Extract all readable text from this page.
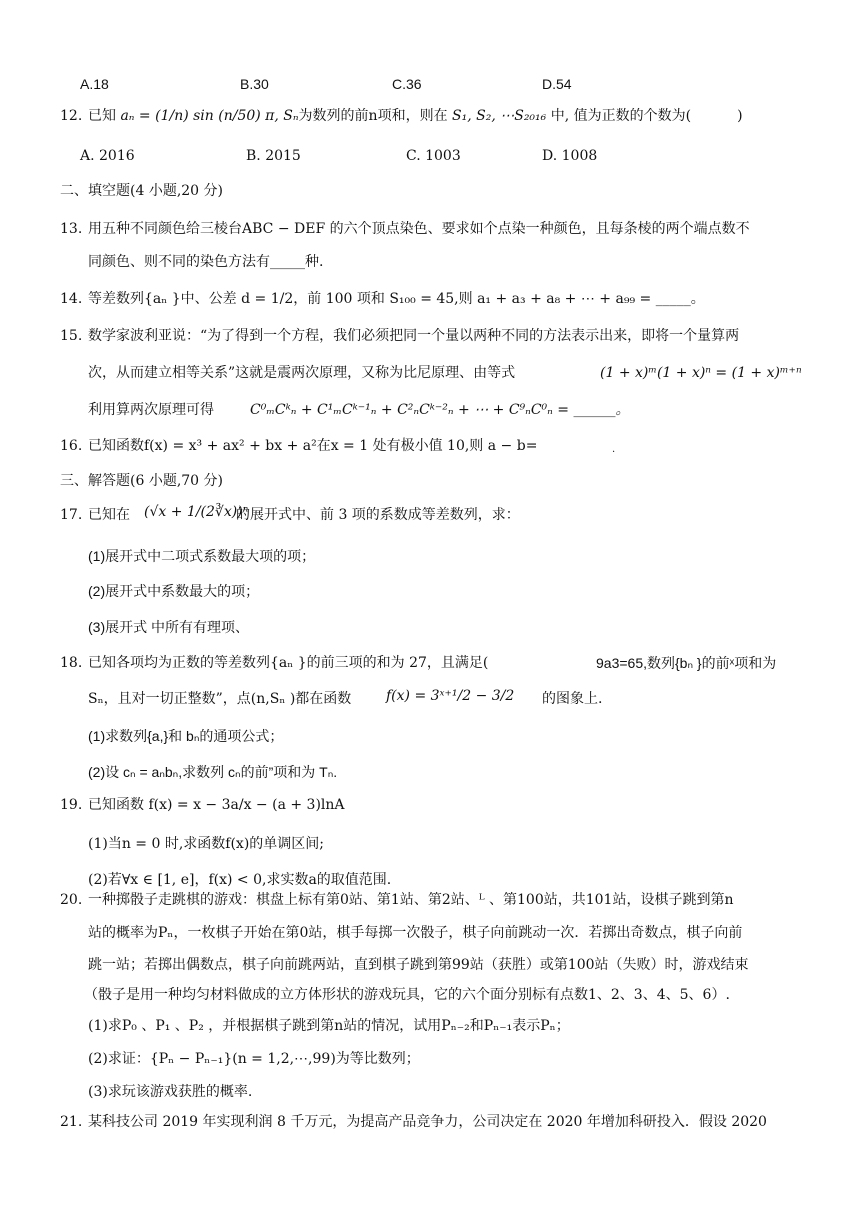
A.18	B.30	C.36	D.54
12. 已知 aₙ = (1/n) sin (n/50) π, Sₙ为数列的前n项和，则在 S₁, S₂, ⋯S₂₀₁₆ 中, 值为正数的个数为(	)
A. 2016	B. 2015	C. 1003	D. 1008
二、填空题(4 小题,20 分)
13. 用五种不同颜色给三棱台ABC − DEF 的六个顶点染色、要求如个点染一种颜色，且每条棱的两个端点数不
同颜色、则不同的染色方法有_____种.
14. 等差数列{aₙ }中、公差 d = 1/2，前 100 项和 S₁₀₀ = 45,则 a₁ + a₃ + a₈ + ⋯ + a₉₉ = _____。
15. 数学家波利亚说：“为了得到一个方程，我们必须把同一个量以两种不同的方法表示出来，即将一个量算两
次，从而建立相等关系”这就是震两次原理，又称为比尼原理、由等式	(1 + x)ᵐ(1 + x)ⁿ = (1 + x)ᵐ⁺ⁿ
利用算两次原理可得	C⁰ₘCᵏₙ + C¹ₘCᵏ⁻¹ₙ + C²ₙCᵏ⁻²ₙ + ⋯ + C⁹ₙC⁰ₙ = ______。
16. 已知函数f(x) = x³ + ax² + bx + a²在x = 1 处有极小值 10,则 a − b=	.
三、解答题(6 小题,70 分)
17. 已知在 (√x + 1/(2∛x))ⁿ
的展开式中、前 3 项的系数成等差数列，求：
(1)展开式中二项式系数最大项的项；
(2)展开式中系数最大的项；
(3)展开式 中所有有理项、
18. 已知各项均为正数的等差数列{aₙ }的前三项的和为 27，且满足(	9a3=65,数列{bₙ }的前ˣ项和为
Sₙ，且对一切正整数”，点(n,Sₙ )都在函数 f(x) = 3ˣ⁺¹/2 − 3/2 的图象上.
(1)求数列{a,}和 bₙ的通项公式；
(2)设 cₙ = aₙbₙ,求数列 cₙ的前”项和为 Tₙ.
19. 已知函数 f(x) = x − 3a/x − (a + 3)lnA
(1)当n = 0 时,求函数f(x)的单调区间;
(2)若∀x ∈ [1, e]，f(x) < 0,求实数a的取值范围.
20. 一种掷骰子走跳棋的游戏：棋盘上标有第0站、第1站、第2站、ᴸ 、第100站，共101站，设棋子跳到第n
站的概率为Pₙ，一枚棋子开始在第0站，棋手每掷一次骰子，棋子向前跳动一次．若掷出奇数点，棋子向前
跳一站；若掷出偶数点，棋子向前跳两站，直到棋子跳到第99站（获胜）或第100站（失败）时，游戏结束
（骰子是用一种均匀材料做成的立方体形状的游戏玩具，它的六个面分别标有点数1、2、3、4、5、6）.
(1)求P₀ 、P₁ 、P₂ ，并根据棋子跳到第n站的情况，试用Pₙ₋₂和Pₙ₋₁表示Pₙ；
(2)求证：{Pₙ − Pₙ₋₁}(n = 1,2,⋯,99)为等比数列；
(3)求玩该游戏获胜的概率.
21. 某科技公司 2019 年实现利润 8 千万元，为提高产品竞争力，公司决定在 2020 年增加科研投入．假设 2020
